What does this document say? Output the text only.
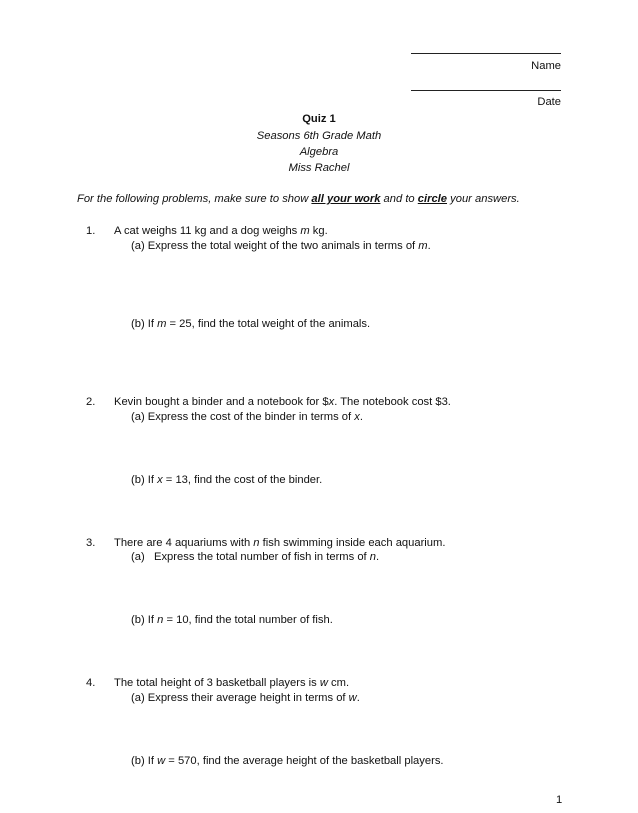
Name
Date
Quiz 1
Seasons 6th Grade Math
Algebra
Miss Rachel
For the following problems, make sure to show all your work and to circle your answers.
1. A cat weighs 11 kg and a dog weighs m kg.
(a) Express the total weight of the two animals in terms of m.
(b) If m = 25, find the total weight of the animals.
2. Kevin bought a binder and a notebook for $x. The notebook cost $3.
(a) Express the cost of the binder in terms of x.
(b) If x = 13, find the cost of the binder.
3. There are 4 aquariums with n fish swimming inside each aquarium.
(a)   Express the total number of fish in terms of n.
(b) If n = 10, find the total number of fish.
4. The total height of 3 basketball players is w cm.
(a) Express their average height in terms of w.
(b) If w = 570, find the average height of the basketball players.
1
